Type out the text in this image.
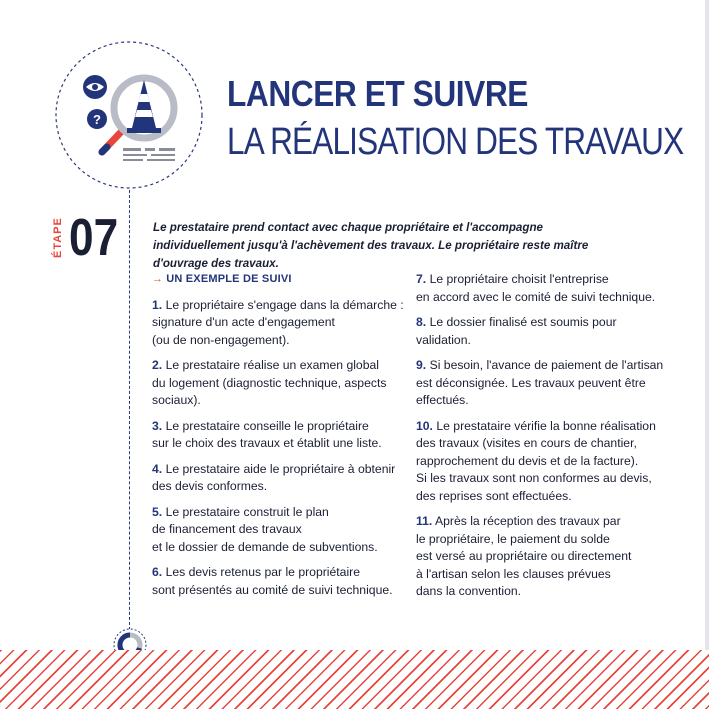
?
LANCER ET SUIVRE
LA RÉALISATION DES TRAVAUX
ÉTAPE 07	Le prestataire prend contact avec chaque propriétaire et l'accompagne individuellement jusqu'à l'achèvement des travaux. Le propriétaire reste maître d'ouvrage des travaux.

→ UN EXEMPLE DE SUIVI
1. Le propriétaire s'engage dans la démarche :
signature d'un acte d'engagement
(ou de non-engagement).
2. Le prestataire réalise un examen global
du logement (diagnostic technique, aspects
sociaux).
3. Le prestataire conseille le propriétaire
sur le choix des travaux et établit une liste.
4. Le prestataire aide le propriétaire à obtenir
des devis conformes.
5. Le prestataire construit le plan
de financement des travaux
et le dossier de demande de subventions.
6. Les devis retenus par le propriétaire
sont présentés au comité de suivi technique.
7. Le propriétaire choisit l'entreprise
en accord avec le comité de suivi technique.
8. Le dossier finalisé est soumis pour
validation.
9. Si besoin, l'avance de paiement de l'artisan
est déconsignée. Les travaux peuvent être
effectués.
10. Le prestataire vérifie la bonne réalisation
des travaux (visites en cours de chantier,
rapprochement du devis et de la facture).
Si les travaux sont non conformes au devis,
des reprises sont effectuées.
11. Après la réception des travaux par
le propriétaire, le paiement du solde
est versé au propriétaire ou directement
à l'artisan selon les clauses prévues
dans la convention.
